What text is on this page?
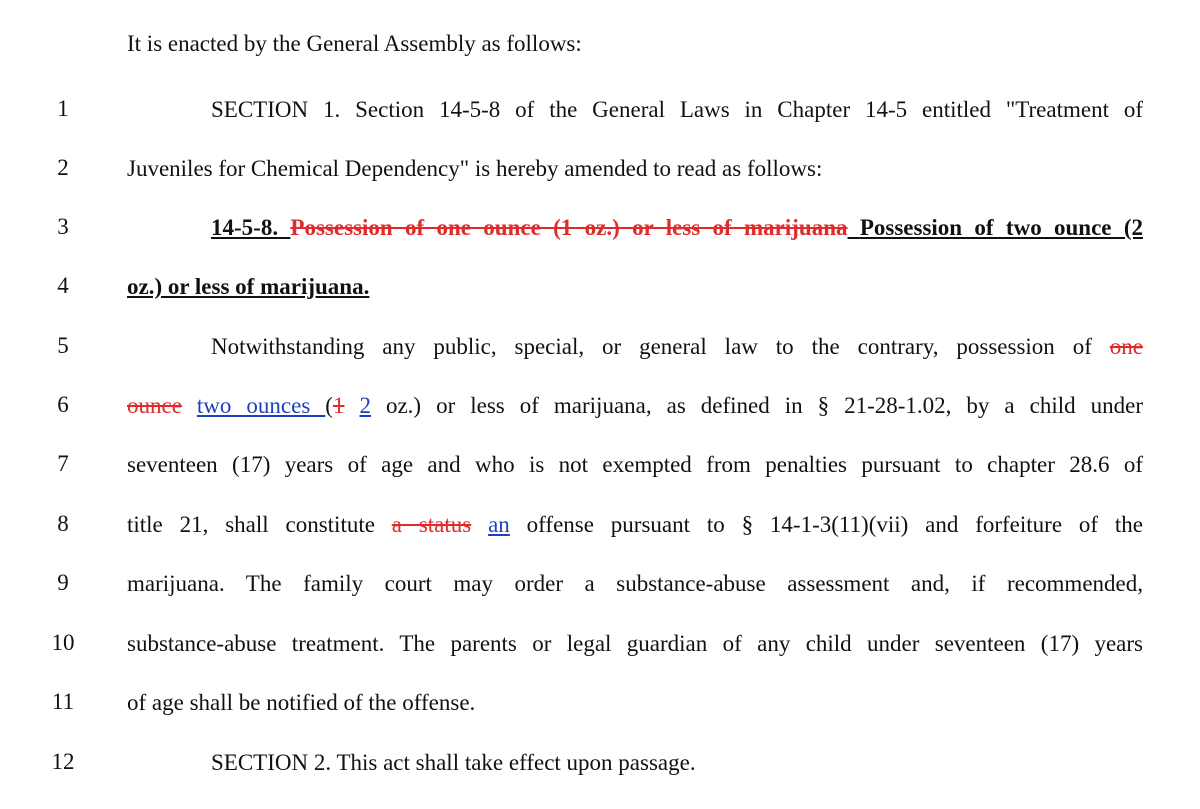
It is enacted by the General Assembly as follows:
1	SECTION 1. Section 14-5-8 of the General Laws in Chapter 14-5 entitled "Treatment of
2	Juveniles for Chemical Dependency" is hereby amended to read as follows:
3	14-5-8. Possession of one ounce (1 oz.) or less of marijuana Possession of two ounce (2
4	oz.) or less of marijuana.
5	Notwithstanding any public, special, or general law to the contrary, possession of one
6	ounce two ounces (1 2 oz.) or less of marijuana, as defined in § 21-28-1.02, by a child under
7	seventeen (17) years of age and who is not exempted from penalties pursuant to chapter 28.6 of
8	title 21, shall constitute a status an offense pursuant to § 14-1-3(11)(vii) and forfeiture of the
9	marijuana. The family court may order a substance-abuse assessment and, if recommended,
10	substance-abuse treatment. The parents or legal guardian of any child under seventeen (17) years
11	of age shall be notified of the offense.
12	SECTION 2. This act shall take effect upon passage.
